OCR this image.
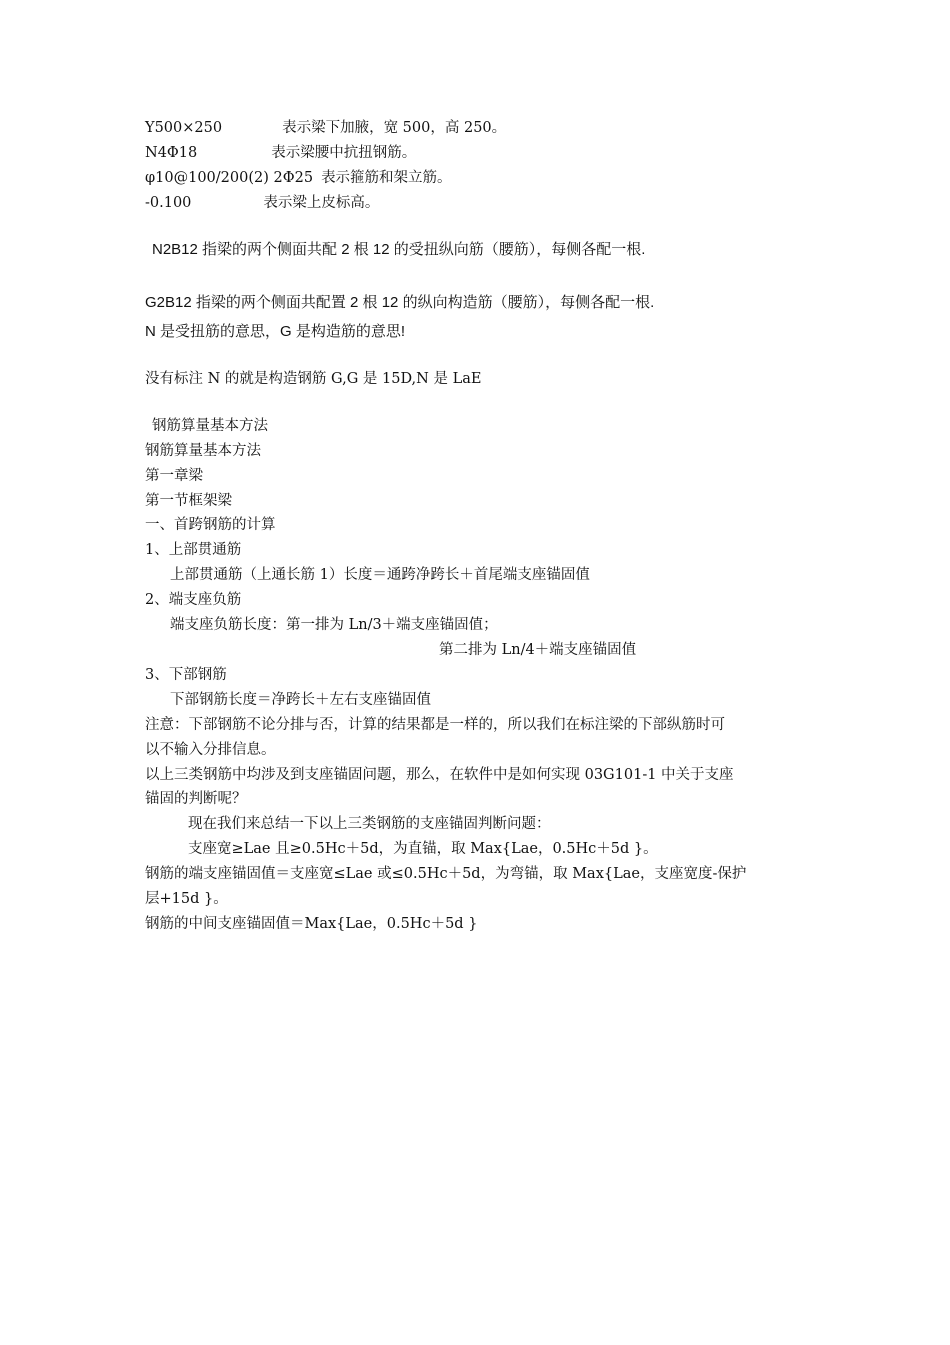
Y500×250	表示梁下加腋，宽 500，高 250。
N4Φ18	表示梁腰中抗扭钢筋。
φ10@100/200(2) 2Φ25 表示箍筋和架立筋。
-0.100	表示梁上皮标高。
N2B12 指梁的两个侧面共配 2 根 12 的受扭纵向筋（腰筋），每侧各配一根.
G2B12 指梁的两个侧面共配置 2 根 12 的纵向构造筋（腰筋），每侧各配一根.
N 是受扭筋的意思，G 是构造筋的意思!
没有标注 N 的就是构造钢筋 G,G 是 15D,N 是 LaE
钢筋算量基本方法
钢筋算量基本方法
第一章梁
第一节框架梁
一、首跨钢筋的计算
1、上部贯通筋
上部贯通筋（上通长筋 1）长度＝通跨净跨长＋首尾端支座锚固值
2、端支座负筋
端支座负筋长度：第一排为 Ln/3＋端支座锚固值；
第二排为 Ln/4＋端支座锚固值
3、下部钢筋
下部钢筋长度＝净跨长＋左右支座锚固值
注意：下部钢筋不论分排与否，计算的结果都是一样的，所以我们在标注梁的下部纵筋时可
以不输入分排信息。
以上三类钢筋中均涉及到支座锚固问题，那么，在软件中是如何实现 03G101-1 中关于支座
锚固的判断呢？
现在我们来总结一下以上三类钢筋的支座锚固判断问题：
支座宽≥Lae 且≥0.5Hc＋5d，为直锚，取 Max{Lae，0.5Hc＋5d }。
钢筋的端支座锚固值＝支座宽≤Lae 或≤0.5Hc＋5d，为弯锚，取 Max{Lae，支座宽度-保护
层+15d }。
钢筋的中间支座锚固值＝Max{Lae，0.5Hc＋5d }
